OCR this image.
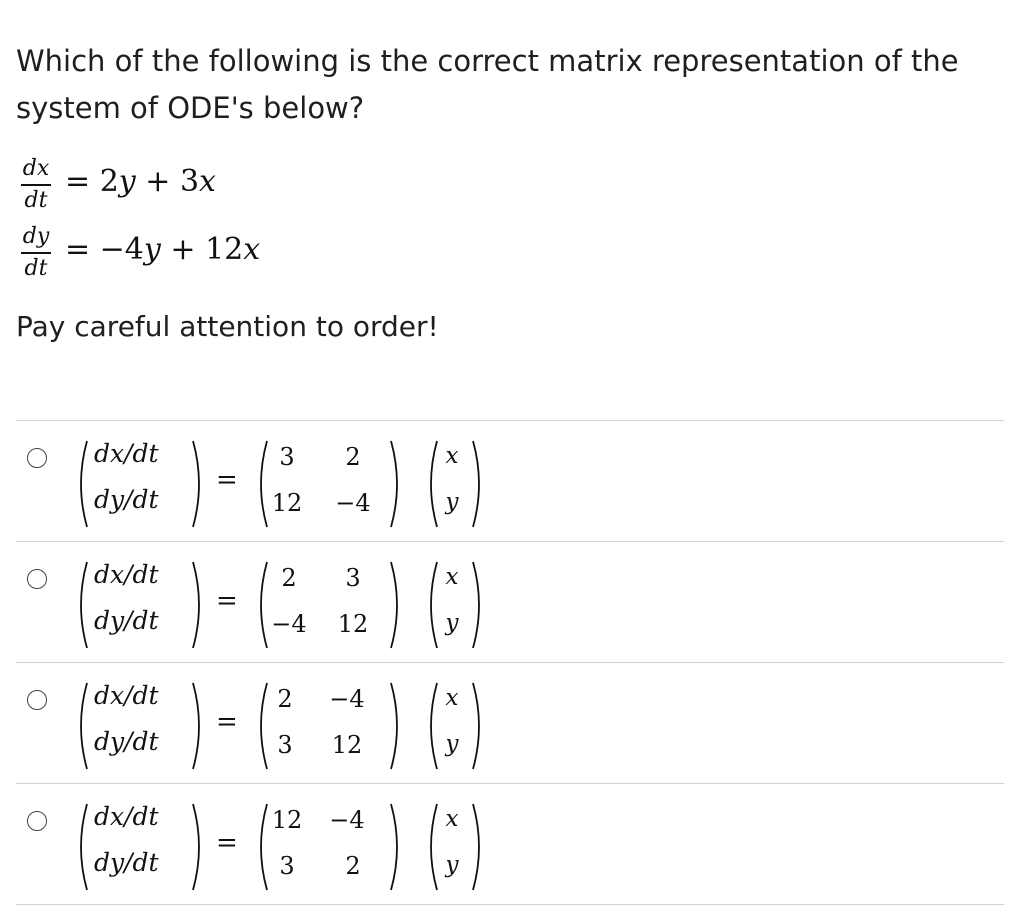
Which of the following is the correct matrix representation of the system of ODE's below?
dx
dt
= 2y + 3x
dy
dt
= −4y + 12x
Pay careful attention to order!
dx/dt
dy/dt
=
3	2
12	−4
x
y
dx/dt
dy/dt
=
2	3
−4	12
x
y
dx/dt
dy/dt
=
2	−4
3	12
x
y
dx/dt
dy/dt
=
12	−4
3	2
x
y
